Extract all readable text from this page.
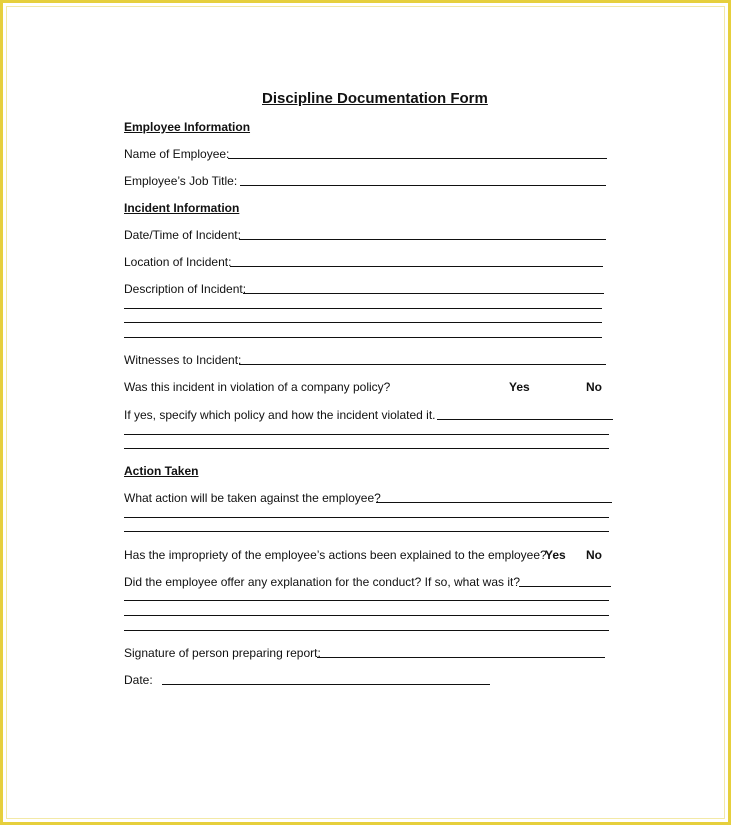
Discipline Documentation Form
Employee Information
Name of Employee:
Employee’s Job Title:
Incident Information
Date/Time of Incident:
Location of Incident:
Description of Incident:
Witnesses to Incident:
Was this incident in violation of a company policy?	Yes	No
If yes, specify which policy and how the incident violated it.
Action Taken
What action will be taken against the employee?
Has the impropriety of the employee’s actions been explained to the employee?
Yes No
Did the employee offer any explanation for the conduct? If so, what was it?
Signature of person preparing report:
Date:
